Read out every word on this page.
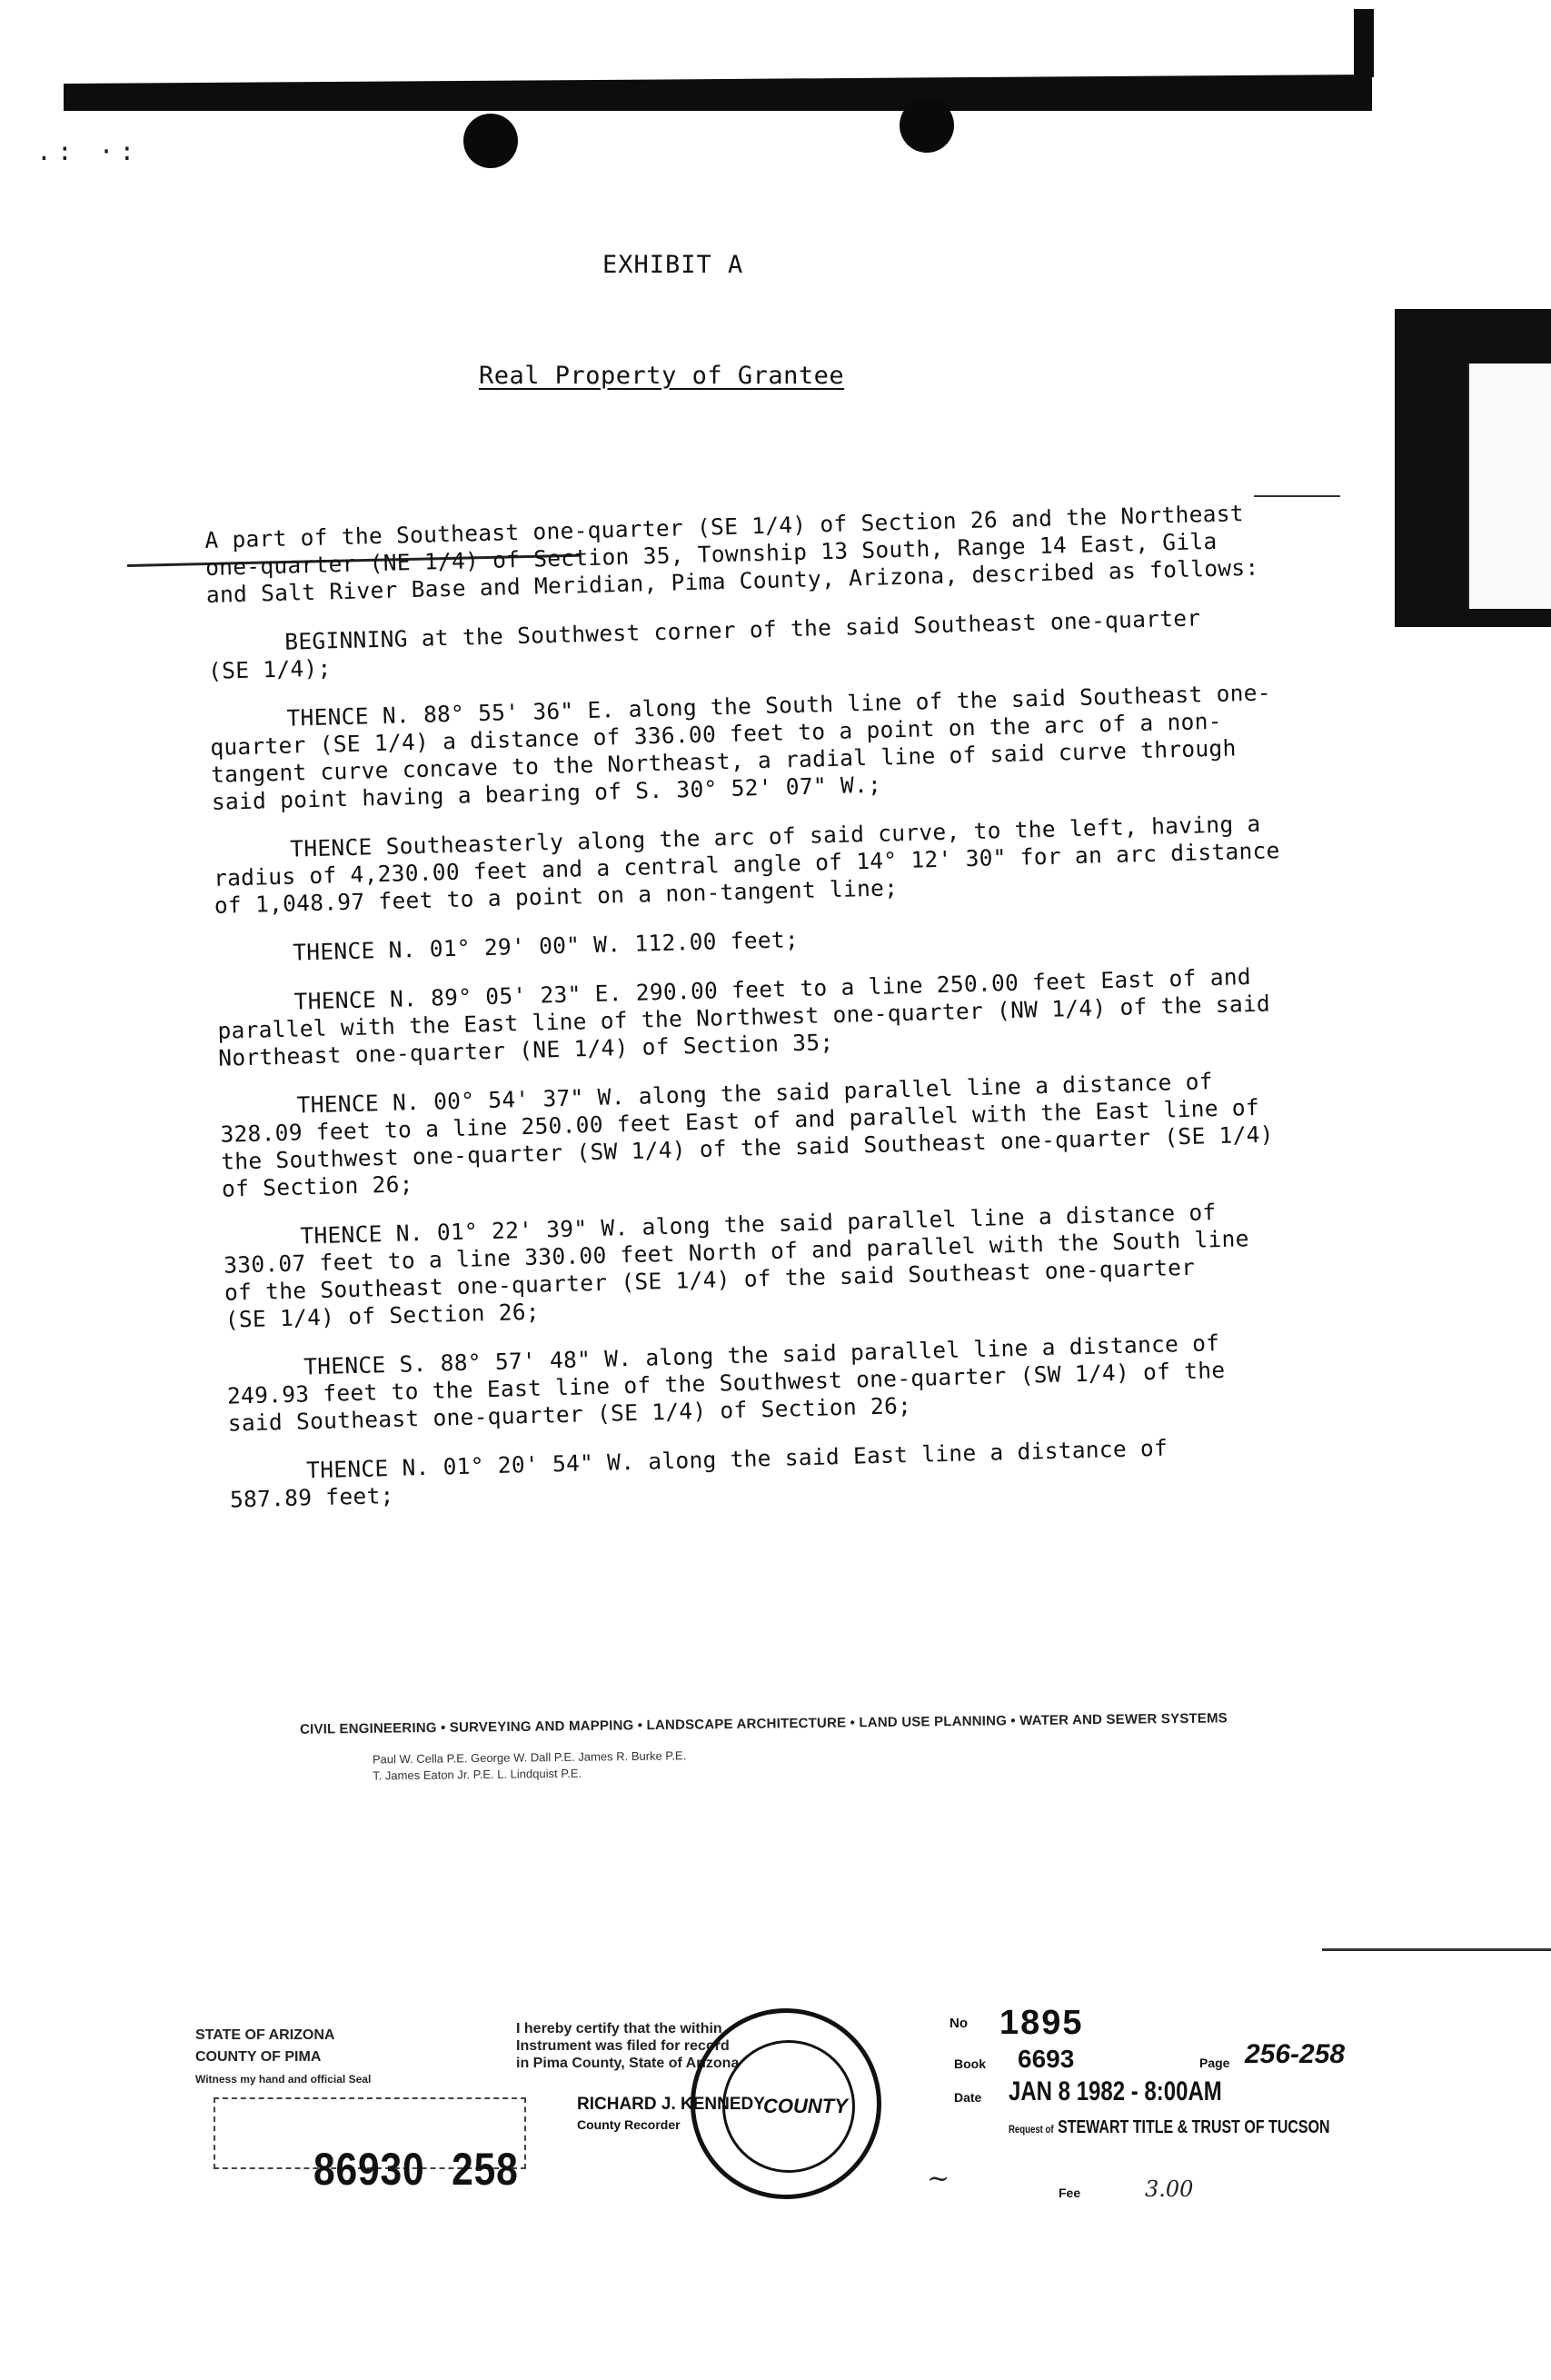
.: ·:
EXHIBIT A
Real Property of Grantee

A part of the Southeast one-quarter (SE 1/4) of Section 26 and the Northeast
one-quarter (NE 1/4) of Section 35, Township 13 South, Range 14 East, Gila
and Salt River Base and Meridian, Pima County, Arizona, described as follows:

BEGINNING at the Southwest corner of the said Southeast one-quarter
(SE 1/4);

THENCE N. 88° 55' 36" E. along the South line of the said Southeast one-
quarter (SE 1/4) a distance of 336.00 feet to a point on the arc of a non-
tangent curve concave to the Northeast, a radial line of said curve through
said point having a bearing of S. 30° 52' 07" W.;

THENCE Southeasterly along the arc of said curve, to the left, having a
radius of 4,230.00 feet and a central angle of 14° 12' 30" for an arc distance
of 1,048.97 feet to a point on a non-tangent line;

THENCE N. 01° 29' 00" W. 112.00 feet;

THENCE N. 89° 05' 23" E. 290.00 feet to a line 250.00 feet East of and
parallel with the East line of the Northwest one-quarter (NW 1/4) of the said
Northeast one-quarter (NE 1/4) of Section 35;

THENCE N. 00° 54' 37" W. along the said parallel line a distance of
328.09 feet to a line 250.00 feet East of and parallel with the East line of
the Southwest one-quarter (SW 1/4) of the said Southeast one-quarter (SE 1/4)
of Section 26;

THENCE N. 01° 22' 39" W. along the said parallel line a distance of
330.07 feet to a line 330.00 feet North of and parallel with the South line
of the Southeast one-quarter (SE 1/4) of the said Southeast one-quarter
(SE 1/4) of Section 26;

THENCE S. 88° 57' 48" W. along the said parallel line a distance of
249.93 feet to the East line of the Southwest one-quarter (SW 1/4) of the
said Southeast one-quarter (SE 1/4) of Section 26;

THENCE N. 01° 20' 54" W. along the said East line a distance of
587.89 feet;

CIVIL ENGINEERING • SURVEYING AND MAPPING • LANDSCAPE ARCHITECTURE • LAND USE PLANNING • WATER AND SEWER SYSTEMS
Paul W. Cella P.E. George W. Dall P.E. James R. Burke P.E.
T. James Eaton Jr. P.E. L. Lindquist P.E.
STATE OF ARIZONA
COUNTY OF PIMA
Witness my hand and official Seal
86930 258
I hereby certify that the within
Instrument was filed for record
in Pima County, State of Arizona
RICHARD J. KENNEDY
County Recorder
COUNTY
No 1895
Book 6693	Page 256-258
Date JAN 8 1982 - 8:00AM
Request of STEWART TITLE & TRUST OF TUCSON
Fee	3.00
~
